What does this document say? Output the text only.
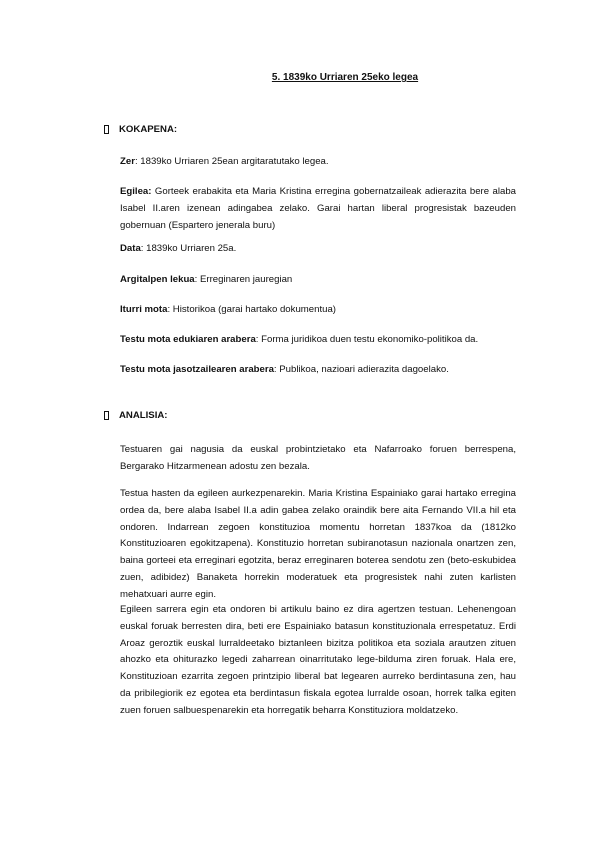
5. 1839ko Urriaren 25eko legea
KOKAPENA:

Zer: 1839ko Urriaren 25ean argitaratutako legea.

Egilea: Gorteek erabakita eta Maria Kristina erregina gobernatzaileak adierazita bere alaba Isabel II.aren izenean adingabea zelako. Garai hartan liberal progresistak bazeuden gobernuan (Espartero jenerala buru)

Data: 1839ko Urriaren 25a.

Argitalpen lekua: Erreginaren jauregian

Iturri mota: Historikoa (garai hartako dokumentua)

Testu mota edukiaren arabera: Forma juridikoa duen testu ekonomiko-politikoa da.

Testu mota jasotzailearen arabera: Publikoa, nazioari adierazita dagoelako.

ANALISIA:

Testuaren gai nagusia da euskal probintzietako eta Nafarroako foruen berrespena, Bergarako Hitzarmenean adostu zen bezala.

Testua hasten da egileen aurkezpenarekin. Maria Kristina Espainiako garai hartako erregina ordea da, bere alaba Isabel II.a adin gabea zelako oraindik bere aita Fernando VII.a hil eta ondoren. Indarrean zegoen konstituzioa momentu horretan 1837koa da (1812ko Konstituzioaren egokitzapena). Konstituzio horretan subiranotasun nazionala onartzen zen, baina gorteei eta erreginari egotzita, beraz erreginaren boterea sendotu zen (beto-eskubidea zuen, adibidez) Banaketa horrekin moderatuek eta progresistek nahi zuten karlisten mehatxuari aurre egin.

Egileen sarrera egin eta ondoren bi artikulu baino ez dira agertzen testuan. Lehenengoan euskal foruak berresten dira, beti ere Espainiako batasun konstituzionala errespetatuz. Erdi Aroaz geroztik euskal lurraldeetako biztanleen bizitza politikoa eta soziala arautzen zituen ahozko eta ohiturazko legedi zaharrean oinarritutako lege-bilduma ziren foruak. Hala ere, Konstituzioan ezarrita zegoen printzipio liberal bat legearen aurreko berdintasuna zen, hau da pribilegiorik ez egotea eta berdintasun fiskala egotea lurralde osoan, horrek talka egiten zuen foruen salbuespenarekin eta horregatik beharra Konstituziora moldatzeko.
